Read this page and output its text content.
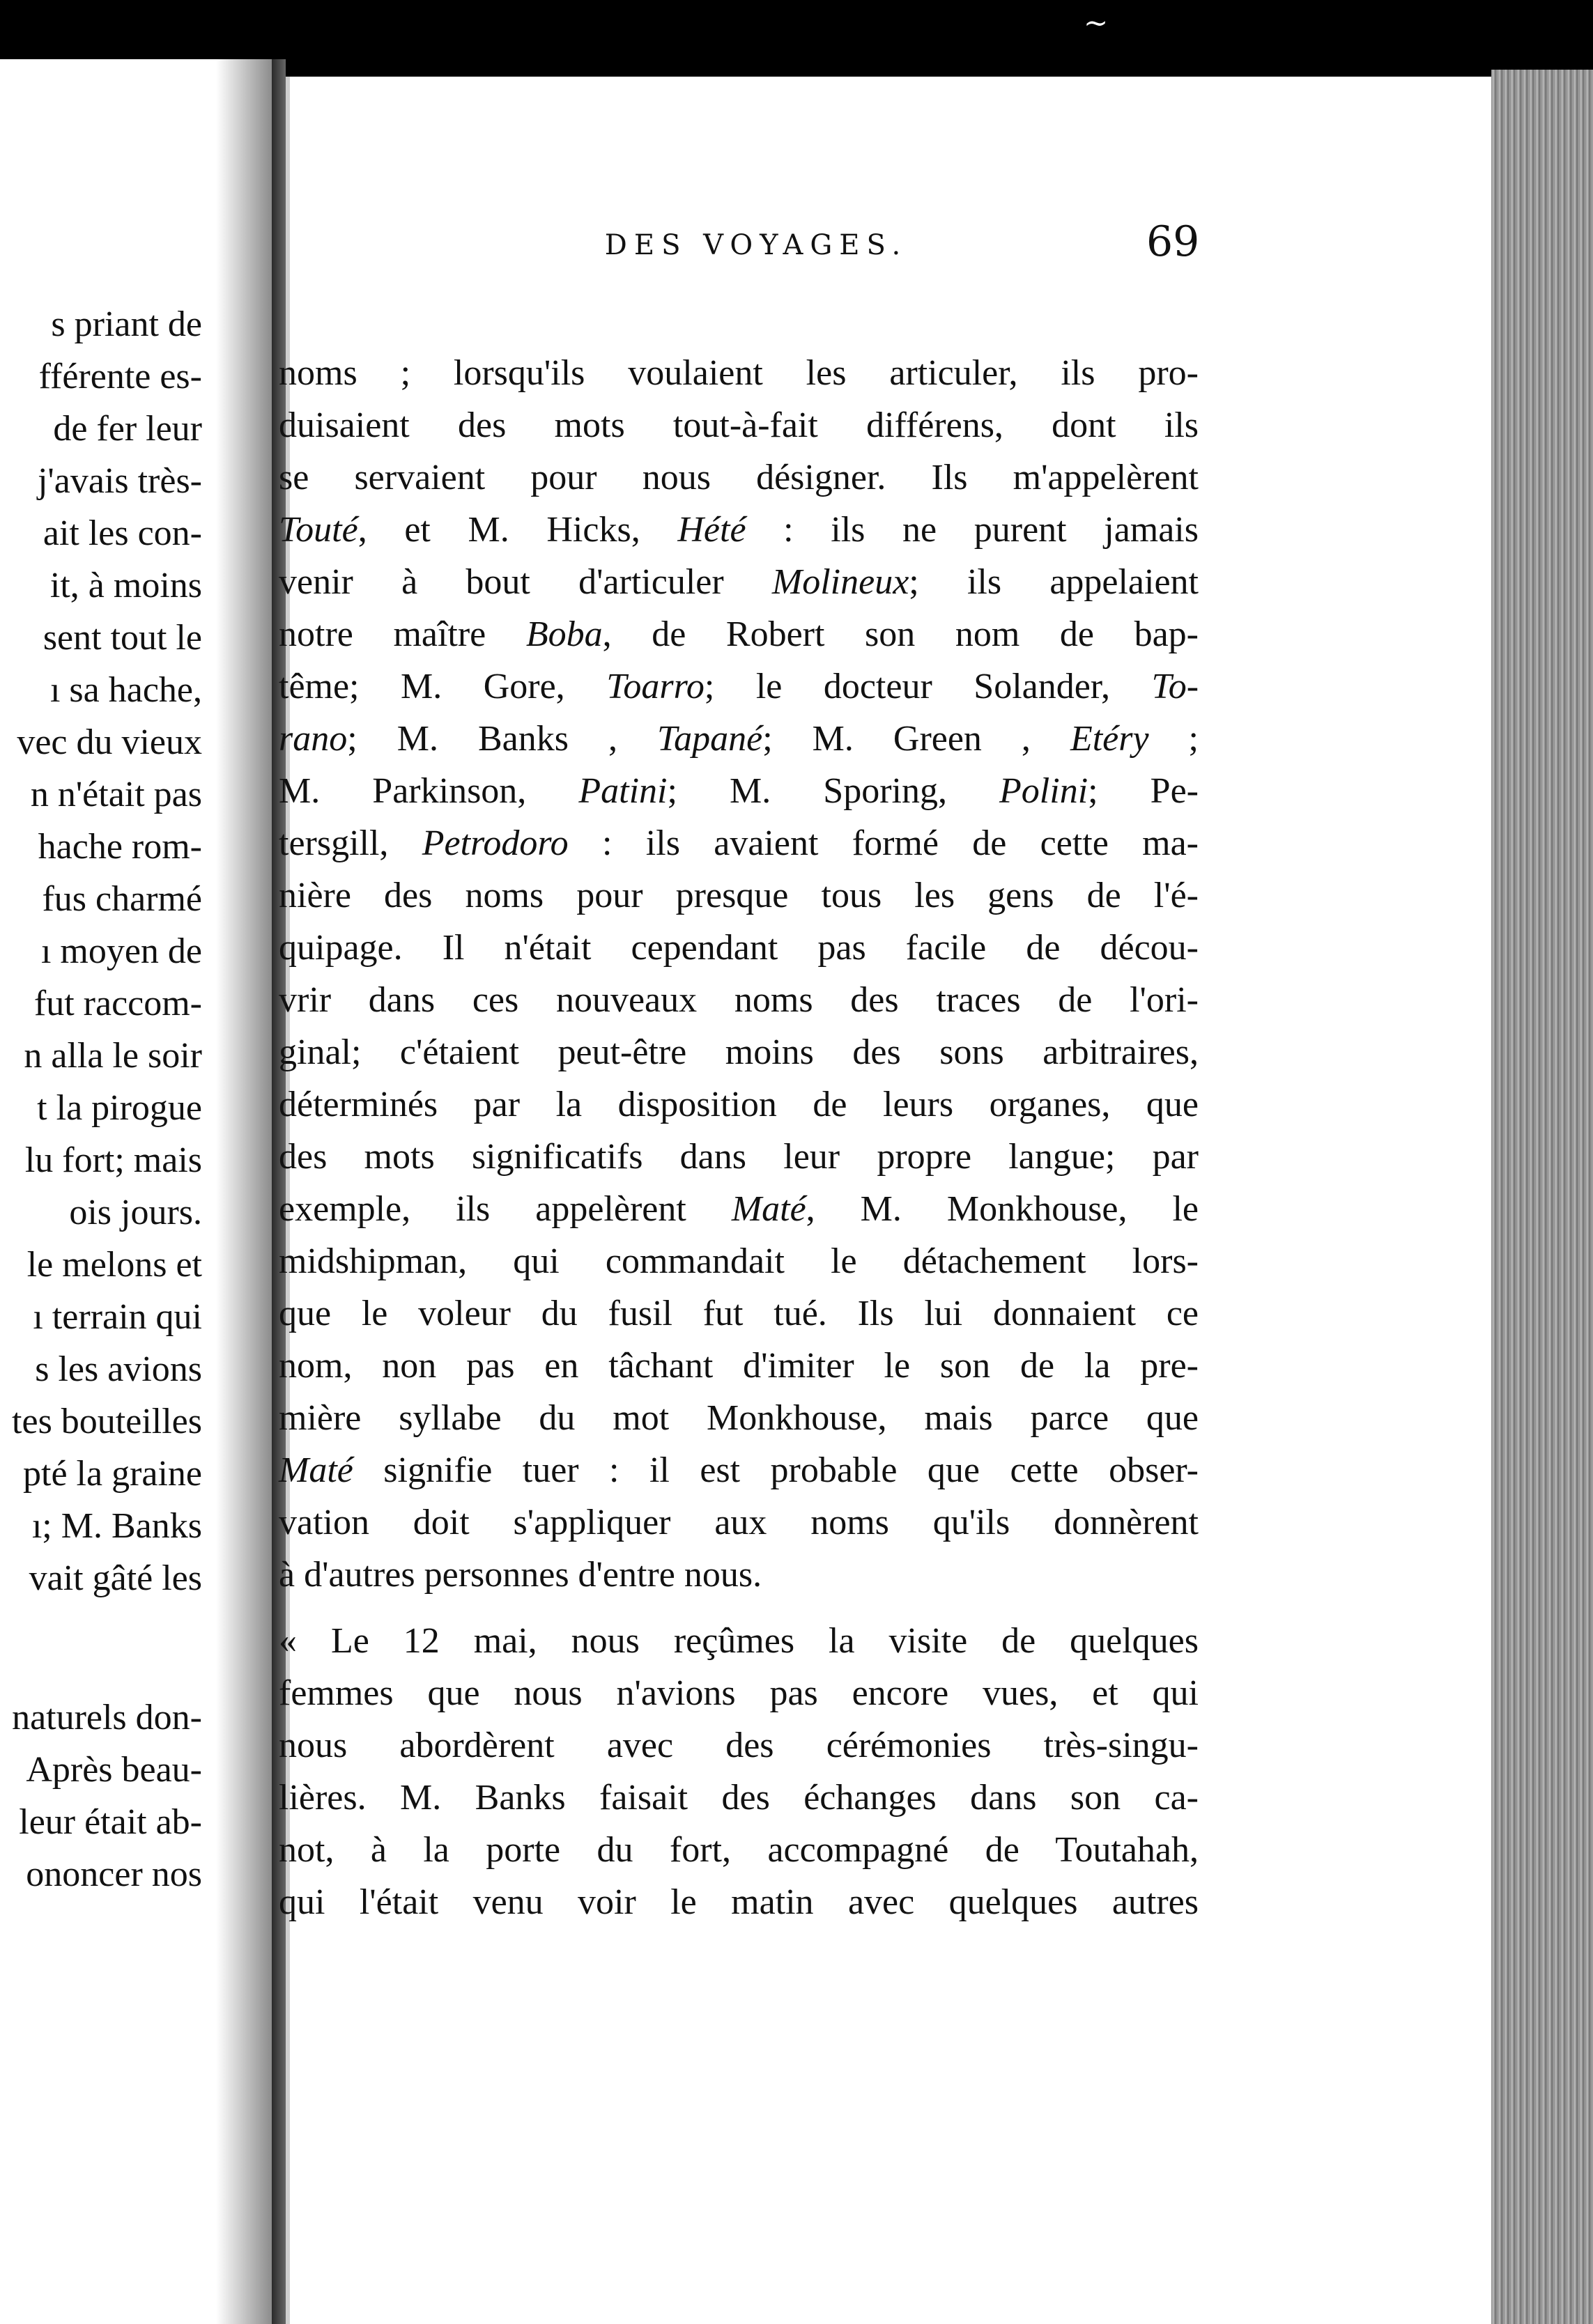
s priant de
fférente es-
de fer leur
j'avais très-
ait les con-
it, à moins
sent tout le
ı sa hache,
vec du vieux
n n'était pas
hache rom-
fus charmé
ı moyen de
fut raccom-
n alla le soir
t la pirogue
lu fort; mais
ois jours.
le melons et
ı terrain qui
s les avions
tes bouteilles
pté la graine
ı; M. Banks
vait gâté les
naturels don-
Après beau-
leur était ab-
ononcer nos
~
DES VOYAGES.	69
noms ; lorsqu'ils voulaient les articuler, ils pro-
duisaient des mots tout-à-fait différens, dont ils
se servaient pour nous désigner. Ils m'appelèrent
Touté, et M. Hicks, Hété : ils ne purent jamais
venir à bout d'articuler Molineux; ils appelaient
notre maître Boba, de Robert son nom de bap-
tême; M. Gore, Toarro; le docteur Solander, To-
rano; M. Banks , Tapané; M. Green , Etéry ;
M. Parkinson, Patini; M. Sporing, Polini; Pe-
tersgill, Petrodoro : ils avaient formé de cette ma-
nière des noms pour presque tous les gens de l'é-
quipage. Il n'était cependant pas facile de décou-
vrir dans ces nouveaux noms des traces de l'ori-
ginal; c'étaient peut-être moins des sons arbitraires,
déterminés par la disposition de leurs organes, que
des mots significatifs dans leur propre langue; par
exemple, ils appelèrent Maté, M. Monkhouse, le
midshipman, qui commandait le détachement lors-
que le voleur du fusil fut tué. Ils lui donnaient ce
nom, non pas en tâchant d'imiter le son de la pre-
mière syllabe du mot Monkhouse, mais parce que
Maté signifie tuer : il est probable que cette obser-
vation doit s'appliquer aux noms qu'ils donnèrent
à d'autres personnes d'entre nous.
« Le 12 mai, nous reçûmes la visite de quelques
femmes que nous n'avions pas encore vues, et qui
nous abordèrent avec des cérémonies très-singu-
lières. M. Banks faisait des échanges dans son ca-
not, à la porte du fort, accompagné de Toutahah,
qui l'était venu voir le matin avec quelques autres
